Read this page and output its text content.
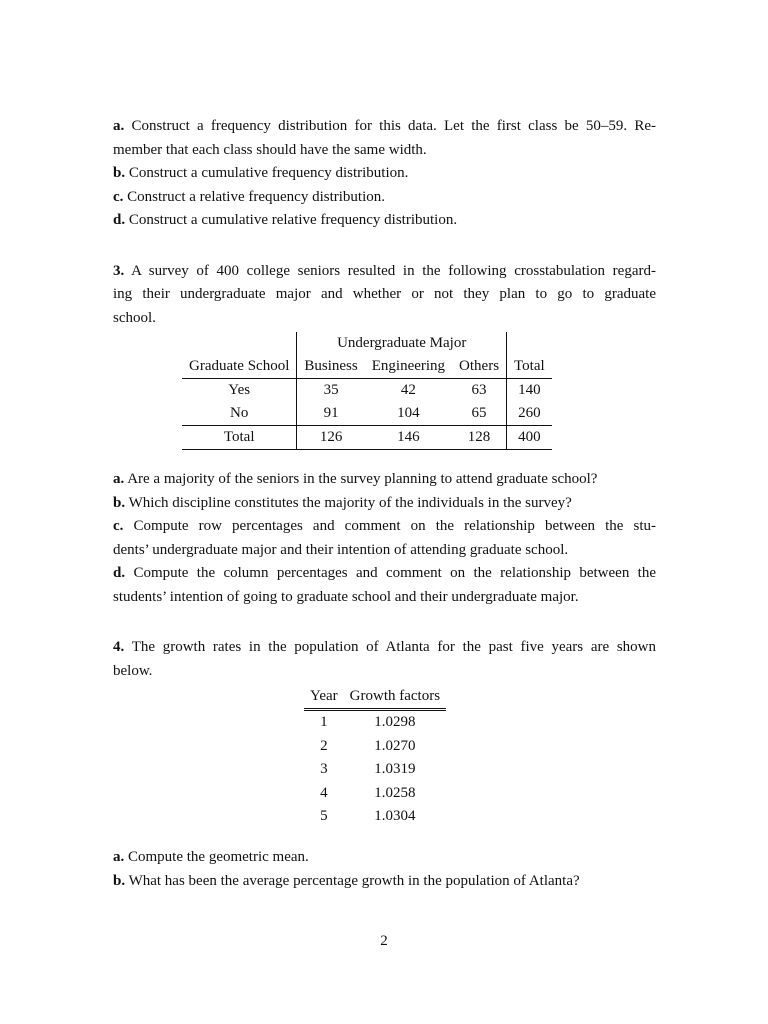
a. Construct a frequency distribution for this data. Let the first class be 50–59. Re-
member that each class should have the same width.
b. Construct a cumulative frequency distribution.
c. Construct a relative frequency distribution.
d. Construct a cumulative relative frequency distribution.
3. A survey of 400 college seniors resulted in the following crosstabulation regard-
ing their undergraduate major and whether or not they plan to go to graduate
school.
	Undergraduate Major			
Graduate School	Business	Engineering	Others	Total
Yes	35	42	63	140
No	91	104	65	260
Total	126	146	128	400
a. Are a majority of the seniors in the survey planning to attend graduate school?
b. Which discipline constitutes the majority of the individuals in the survey?
c. Compute row percentages and comment on the relationship between the stu-
dents’ undergraduate major and their intention of attending graduate school.
d. Compute the column percentages and comment on the relationship between the
students’ intention of going to graduate school and their undergraduate major.
4. The growth rates in the population of Atlanta for the past five years are shown
below.
Year	Growth factors
1	1.0298
2	1.0270
3	1.0319
4	1.0258
5	1.0304
a. Compute the geometric mean.
b. What has been the average percentage growth in the population of Atlanta?
2
